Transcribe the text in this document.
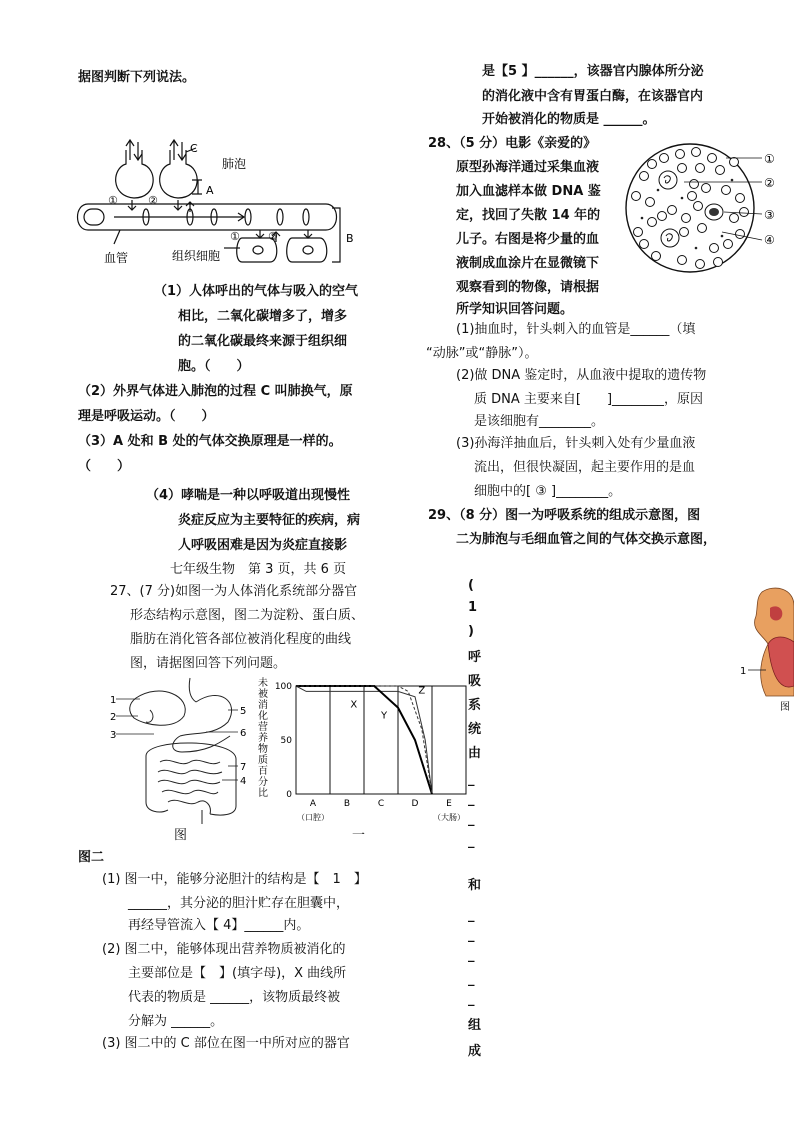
据图判断下列说法。
C
肺泡
A
B
①	②
①	②
血管	组织细胞
（1）人体呼出的气体与吸入的空气
相比，二氧化碳增多了，增多
的二氧化碳最终来源于组织细
胞。（　　）
（2）外界气体进入肺泡的过程 C 叫肺换气，原
理是呼吸运动。（　　）
（3）A 处和 B 处的气体交换原理是一样的。
（　　）
（4）哮喘是一种以呼吸道出现慢性
炎症反应为主要特征的疾病，病
人呼吸困难是因为炎症直接影
七年级生物　第 3 页，共 6 页
27、(7 分)如图一为人体消化系统部分器官
形态结构示意图，图二为淀粉、蛋白质、
脂肪在消化管各部位被消化程度的曲线
图，请据图回答下列问题。
1
2
3
5
6
7
4
图	一
未
被
消
化
营
养
物
质
百
分
比 0
50
100
A
（口腔）
B	C	D	E
（大肠）
X
Y
Z
图二
(1) 图一中，能够分泌胆汁的结构是【　1　】
______，其分泌的胆汁贮存在胆囊中，
再经导管流入【 4】______内。
(2) 图二中，能够体现出营养物质被消化的
主要部位是【　】(填字母)，X 曲线所
代表的物质是 ______，该物质最终被
分解为 ______。
(3) 图二中的 C 部位在图一中所对应的器官
是【5 】______，该器官内腺体所分泌
的消化液中含有胃蛋白酶，在该器官内
开始被消化的物质是 ______。
28、（5 分）电影《亲爱的》
原型孙海洋通过采集血液
加入血滤样本做 DNA 鉴
定，找回了失散 14 年的
儿子。右图是将少量的血
液制成血涂片在显微镜下
观察看到的物像，请根据
所学知识回答问题。
①
②
③
④
(1)抽血时，针头刺入的血管是______（填
“动脉”或“静脉”）。
(2)做 DNA 鉴定时，从血液中提取的遗传物
质 DNA 主要来自[　　]________，原因
是该细胞有________。
(3)孙海洋抽血后，针头刺入处有少量血液
流出，但很快凝固，起主要作用的是血
细胞中的[ ③ ]________。
29、（8 分）图一为呼吸系统的组成示意图，图
二为肺泡与毛细血管之间的气体交换示意图，
(
1
)
呼
吸
系
统
由
_
_
_
_
和
_
_
_
_
_
组
成
1
图
